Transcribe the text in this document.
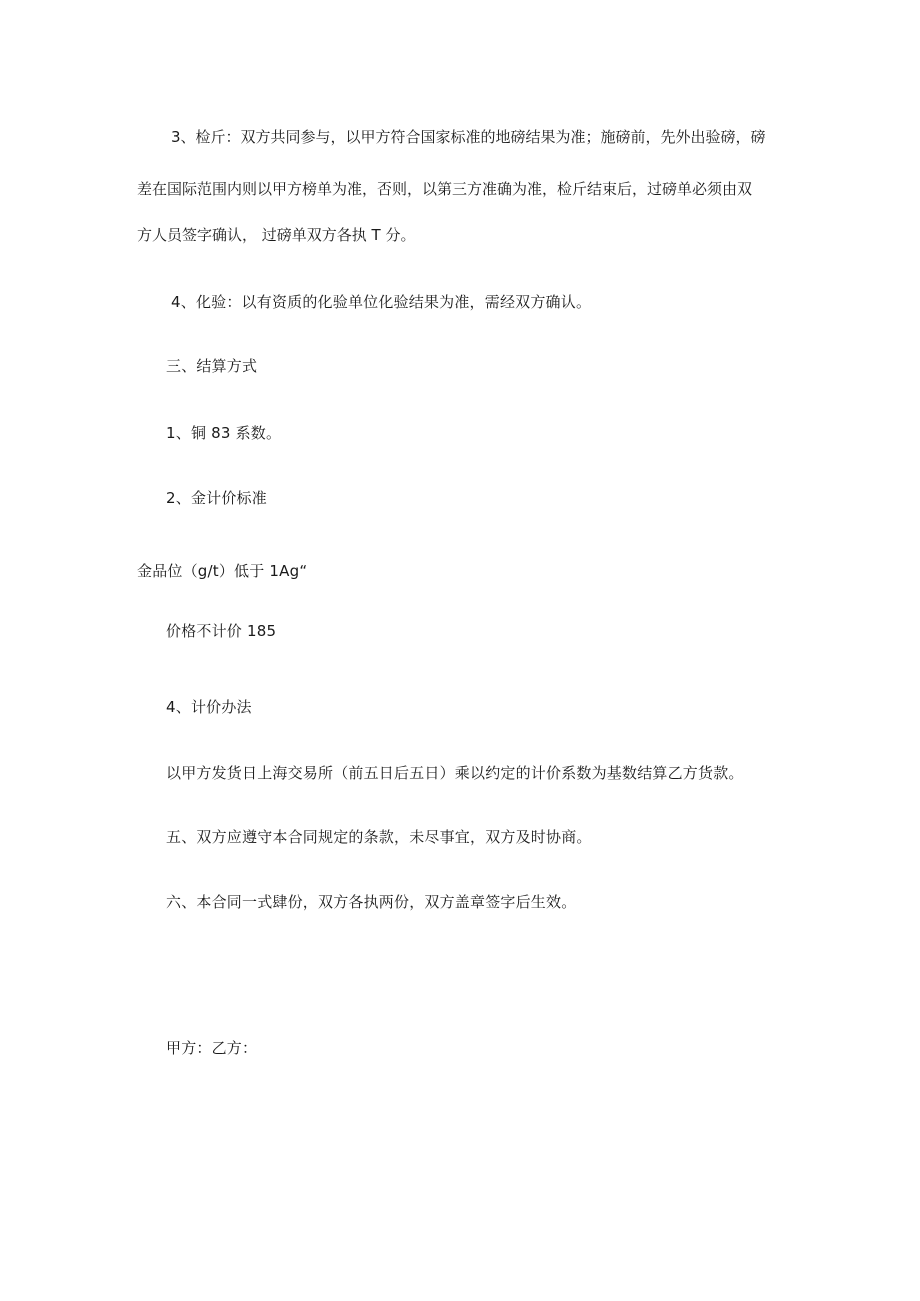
3、检斤：双方共同参与，以甲方符合国家标准的地磅结果为准；施磅前，先外出验磅，磅
差在国际范围内则以甲方榜单为准，否则，以第三方准确为准，检斤结束后，过磅单必须由双
方人员签字确认， 过磅单双方各执 T 分。
4、化验：以有资质的化验单位化验结果为准，需经双方确认。
三、结算方式
1、铜 83 系数。
2、金计价标准
金品位（g/t）低于 1Ag“
价格不计价 185
4、计价办法
以甲方发货日上海交易所（前五日后五日）乘以约定的计价系数为基数结算乙方货款。
五、双方应遵守本合同规定的条款，未尽事宜，双方及时协商。
六、本合同一式肆份，双方各执两份，双方盖章签字后生效。
甲方：乙方：
